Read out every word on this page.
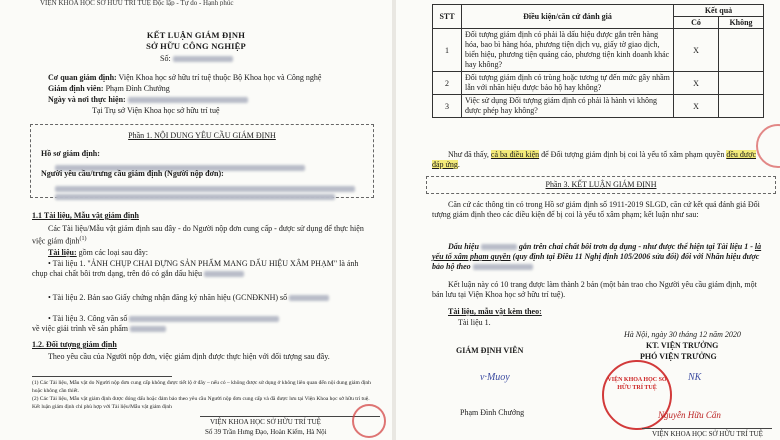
VIỆN KHOA HỌC SỞ HỮU TRÍ TUỆ Độc lập - Tự do - Hạnh phúc
KẾT LUẬN GIÁM ĐỊNH
SỞ HỮU CÔNG NGHIỆP
Số:
Cơ quan giám định: Viện Khoa học sở hữu trí tuệ thuộc Bộ Khoa học và Công nghệ
Giám định viên: Phạm Đình Chướng
Ngày và nơi thực hiện:
Tại Trụ sở Viện Khoa học sở hữu trí tuệ
Phần 1. NỘI DUNG YÊU CẦU GIÁM ĐỊNH
Hồ sơ giám định:
Người yêu cầu/trưng cầu giám định (Người nộp đơn):
1.1 Tài liệu, Mẫu vật giám định
Các Tài liệu/Mẫu vật giám định sau đây - do Người nộp đơn cung cấp - được sử dụng để thực hiện việc giám định$^{(1)}$
Tài liệu: gồm các loại sau đây:
• Tài liệu 1. "ẢNH CHỤP CHAI ĐỰNG SẢN PHẨM MANG DẤU HIỆU XÂM PHẠM" là ảnh chụp chai chất bôi trơn dạng, trên đó có gắn dấu hiệu
• Tài liệu 2. Bản sao Giấy chứng nhận đăng ký nhãn hiệu (GCNĐKNH) số
• Tài liệu 3. Công văn số
về việc giải trình về sản phẩm
1.2. Đối tượng giám định
Theo yêu cầu của Người nộp đơn, việc giám định được thực hiện với đối tượng sau đây.
(1) Các Tài liệu, Mẫu vật do Người nộp đơn cung cấp không được tiết lộ ở đây – nếu có – không được sử dụng ở không liên quan đến nội dung giám định hoặc không cần thiết.
(2) Các Tài liệu, Mẫu vật giám định được đóng dấu hoặc đảm bảo theo yêu cầu Người nộp đơn cung cấp và đã được lưu tại Viện Khoa học sở hữu trí tuệ.
Kết luận giám định chỉ phù hợp với Tài liệu/Mẫu vật giám định
VIỆN KHOA HỌC SỞ HỮU TRÍ TUỆ
Số 39 Trần Hưng Đạo, Hoàn Kiếm, Hà Nội
STT	Điều kiện/căn cứ đánh giá	Kết quả	
		Có	Không
1	Đối tượng giám định có phải là dấu hiệu được gắn trên hàng hóa, bao bì hàng hóa, phương tiện dịch vụ, giấy tờ giao dịch, biển hiệu, phương tiện quảng cáo, phương tiện kinh doanh khác hay không?	X	
2	Đối tượng giám định có trùng hoặc tương tự đến mức gây nhầm lẫn với nhãn hiệu được bảo hộ hay không?	X	
3	Việc sử dụng Đối tượng giám định có phải là hành vi không được phép hay không?	X	
Như đã thấy, cả ba điều kiện để Đối tượng giám định bị coi là yếu tố xâm phạm quyền đều được đáp ứng.
Phần 3. KẾT LUẬN GIÁM ĐỊNH
Căn cứ các thông tin có trong Hồ sơ giám định số 1911-2019 SLGD, căn cứ kết quả đánh giá Đối tượng giám định theo các điều kiện để bị coi là yếu tố xâm phạm; kết luận như sau:
Dấu hiệu	gắn trên chai chất bôi trơn dạ dụng - như được thể hiện tại Tài liệu 1 - là yếu tố xâm phạm quyền (quy định tại Điều 11 Nghị định 105/2006 sửa đổi) đối với Nhãn hiệu được bảo hộ theo
Kết luận này có 10 trang được làm thành 2 bản (một bản trao cho Người yêu cầu giám định, một bản lưu tại Viện Khoa học sở hữu trí tuệ).
Tài liệu, mẫu vật kèm theo:
Tài liệu 1.
Hà Nội, ngày 30 tháng 12 năm 2020
KT. VIỆN TRƯỞNG
PHÓ VIỆN TRƯỞNG
GIÁM ĐỊNH VIÊN
v·Muoy
Phạm Đình Chướng
VIỆN KHOA HỌC SỞ HỮU TRÍ TUỆ
NK
Nguyễn Hữu Cẩn
VIỆN KHOA HỌC SỞ HỮU TRÍ TUỆ
